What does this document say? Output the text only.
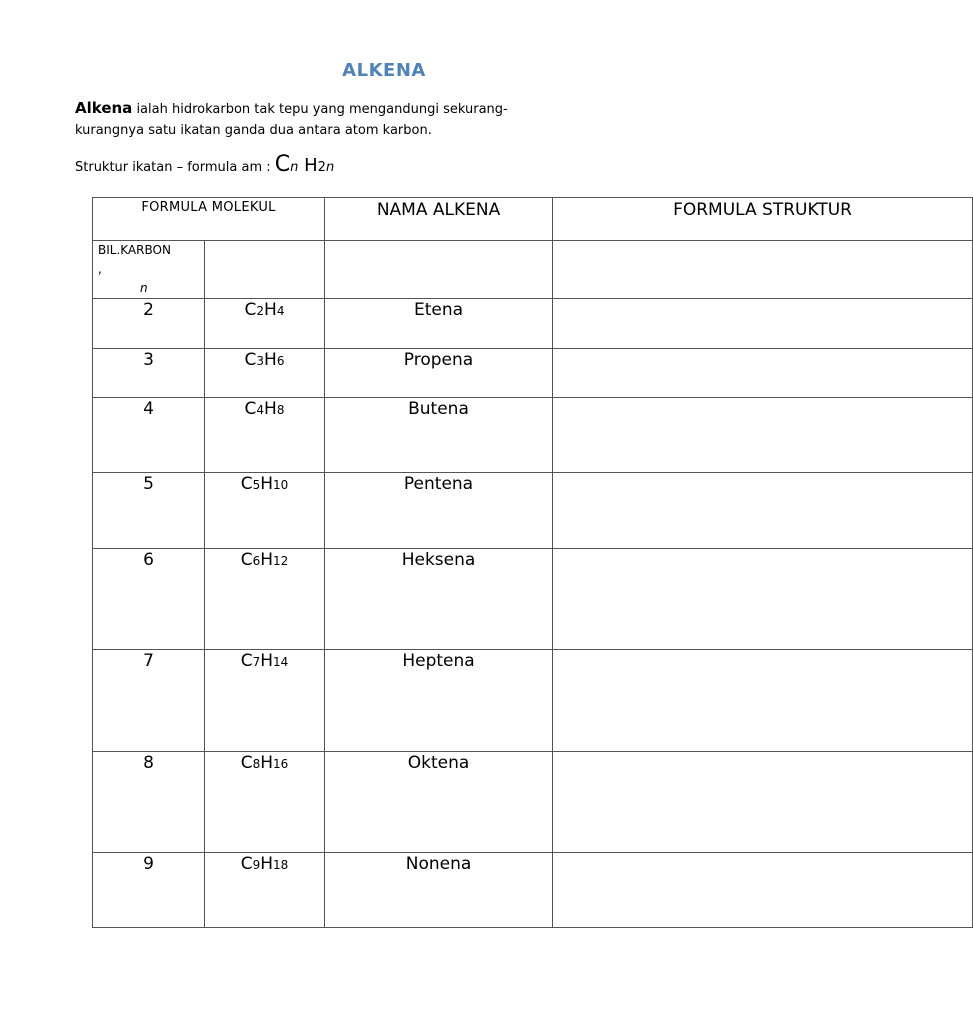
ALKENA
Alkena ialah hidrokarbon tak tepu yang mengandungi sekurang-
kurangnya satu ikatan ganda dua antara atom karbon.
Struktur ikatan – formula am : Cn H2n
FORMULA MOLEKUL		NAMA ALKENA	FORMULA STRUKTUR
BIL.KARBON
,
n			
2	C2H4	Etena	
3	C3H6	Propena	
4	C4H8	Butena	
5	C5H10	Pentena	
6	C6H12	Heksena	
7	C7H14	Heptena	
8	C8H16	Oktena	
9	C9H18	Nonena	
